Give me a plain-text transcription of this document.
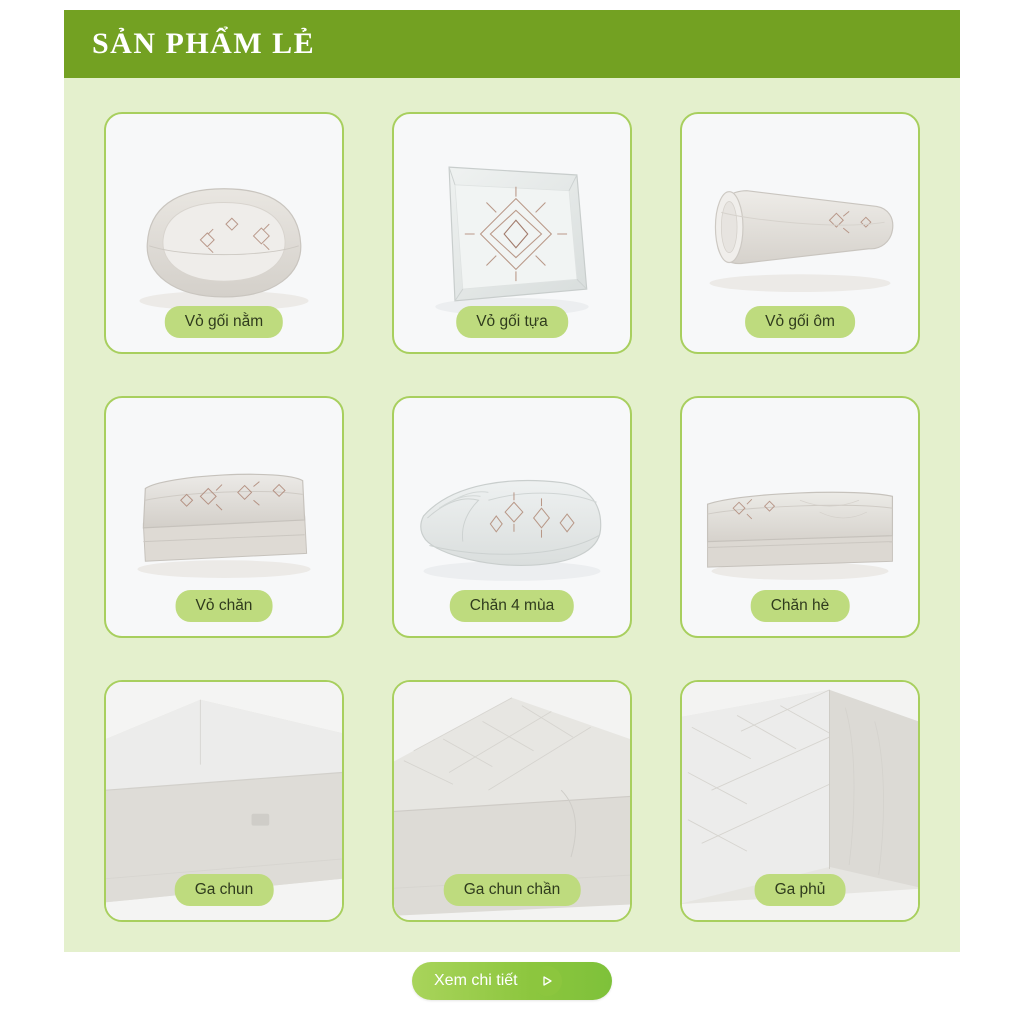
SẢN PHẨM LẺ
Vỏ gối nằm	Vỏ gối tựa	Vỏ gối ôm
Vỏ chăn	Chăn 4 mùa	Chăn hè
Ga chun	Ga chun chần	Ga phủ
Xem chi tiết
